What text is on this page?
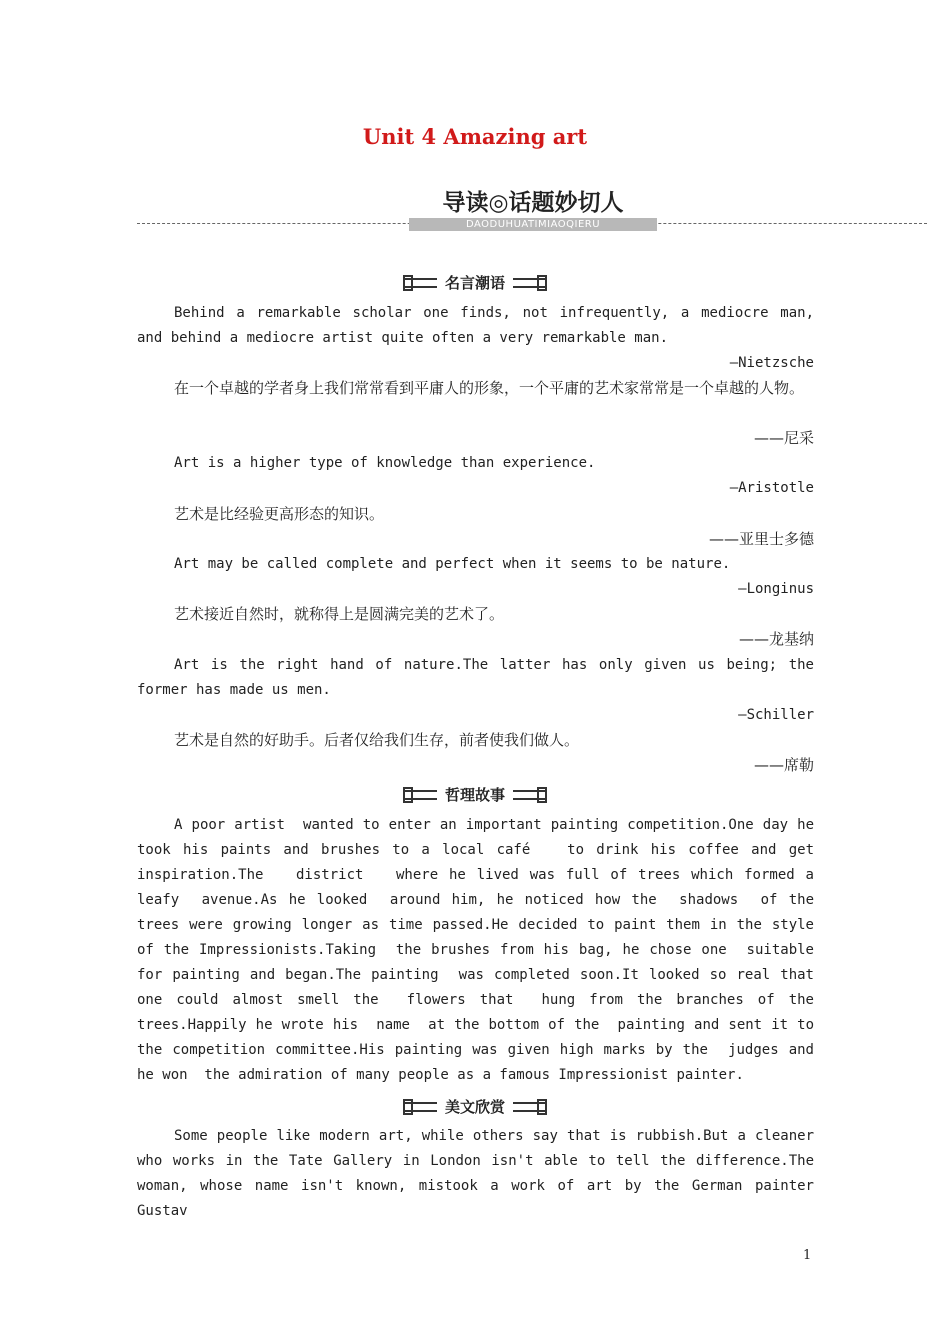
Unit 4 Amazing art
导读◎话题妙切人
DAODUHUATIMIAOQIERU
名言潮语
Behind a remarkable scholar one finds, not infrequently, a mediocre man, and behind a mediocre artist quite often a very remarkable man.
—Nietzsche
在一个卓越的学者身上我们常常看到平庸人的形象，一个平庸的艺术家常常是一个卓越的人物。
——尼采
Art is a higher type of knowledge than experience.
—Aristotle
艺术是比经验更高形态的知识。
——亚里士多德
Art may be called complete and perfect when it seems to be nature.
—Longinus
艺术接近自然时，就称得上是圆满完美的艺术了。
——龙基纳
Art is the right hand of nature.The latter has only given us being; the former has made us men.
—Schiller
艺术是自然的好助手。后者仅给我们生存，前者使我们做人。
——席勒
哲理故事
A poor artist  wanted to enter an important painting competition.One day he took his paints and brushes to a local café   to drink his coffee and get inspiration.The   district   where he lived was full of trees which formed a leafy  avenue.As he looked  around him, he noticed how the  shadows  of the trees were growing longer as time passed.He decided to paint them in the style of the Impressionists.Taking  the brushes from his bag, he chose one  suitable for painting and began.The painting  was completed soon.It looked so real that one could almost smell the  flowers that  hung from the branches of the trees.Happily he wrote his  name  at the bottom of the  painting and sent it to the competition committee.His painting was given high marks by the  judges and he won  the admiration of many people as a famous Impressionist painter.
美文欣赏
Some people like modern art, while others say that is rubbish.But a cleaner who works in the Tate Gallery in London isn't able to tell the difference.The woman, whose name isn't known, mistook a work of art by the German painter Gustav
1
